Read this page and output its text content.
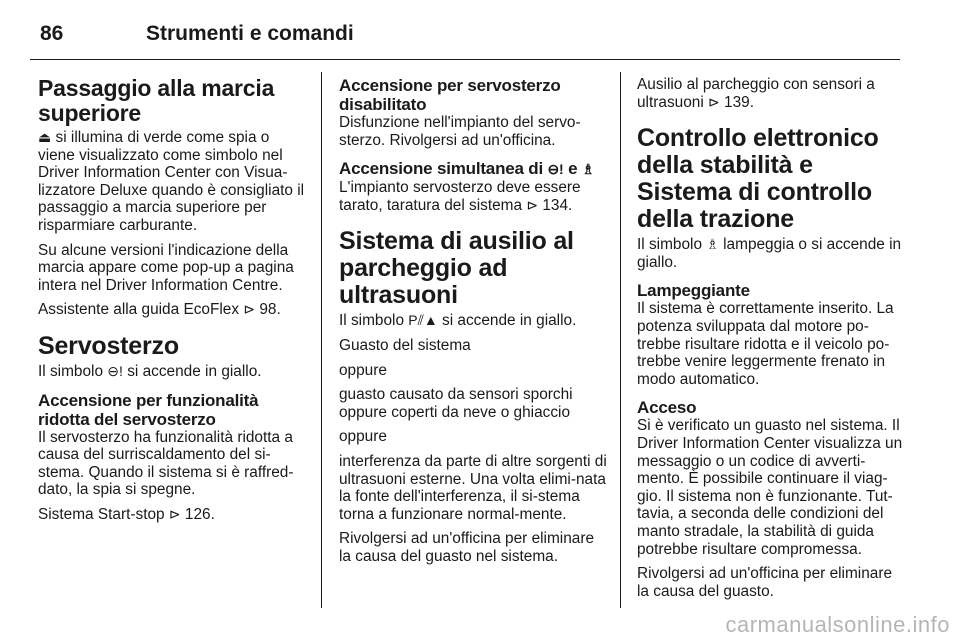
86	Strumenti e comandi
Passaggio alla marcia superiore

⏏ si illumina di verde come spia o viene visualizzato come simbolo nel Driver Information Center con Visua-lizzatore Deluxe quando è consigliato il passaggio a marcia superiore per risparmiare carburante.

Su alcune versioni l'indicazione della marcia appare come pop-up a pagina intera nel Driver Information Centre.

Assistente alla guida EcoFlex ⊳ 98.

Servosterzo

Il simbolo ⊖! si accende in giallo.

Accensione per funzionalità ridotta del servosterzo

Il servosterzo ha funzionalità ridotta a causa del surriscaldamento del si-stema. Quando il sistema si è raffred-dato, la spia si spegne.

Sistema Start-stop ⊳ 126.

Accensione per servosterzo disabilitato

Disfunzione nell'impianto del servo-sterzo. Rivolgersi ad un'officina.

Accensione simultanea di ⊖! e ♗

L'impianto servosterzo deve essere tarato, taratura del sistema ⊳ 134.

Sistema di ausilio al parcheggio ad ultrasuoni

Il simbolo P⫽▲ si accende in giallo.

Guasto del sistema

oppure

guasto causato da sensori sporchi oppure coperti da neve o ghiaccio

oppure

interferenza da parte di altre sorgenti di ultrasuoni esterne. Una volta elimi-nata la fonte dell'interferenza, il si-stema torna a funzionare normal-mente.

Rivolgersi ad un'officina per eliminare la causa del guasto nel sistema.

Ausilio al parcheggio con sensori a ultrasuoni ⊳ 139.

Controllo elettronico della stabilità e Sistema di controllo della trazione

Il simbolo ♗ lampeggia o si accende in giallo.

Lampeggiante

Il sistema è correttamente inserito. La potenza sviluppata dal motore po-trebbe risultare ridotta e il veicolo po-trebbe venire leggermente frenato in modo automatico.

Acceso

Si è verificato un guasto nel sistema. Il Driver Information Center visualizza un messaggio o un codice di avverti-mento. È possibile continuare il viag-gio. Il sistema non è funzionante. Tut-tavia, a seconda delle condizioni del manto stradale, la stabilità di guida potrebbe risultare compromessa.

Rivolgersi ad un'officina per eliminare la causa del guasto.

carmanualsonline.info
